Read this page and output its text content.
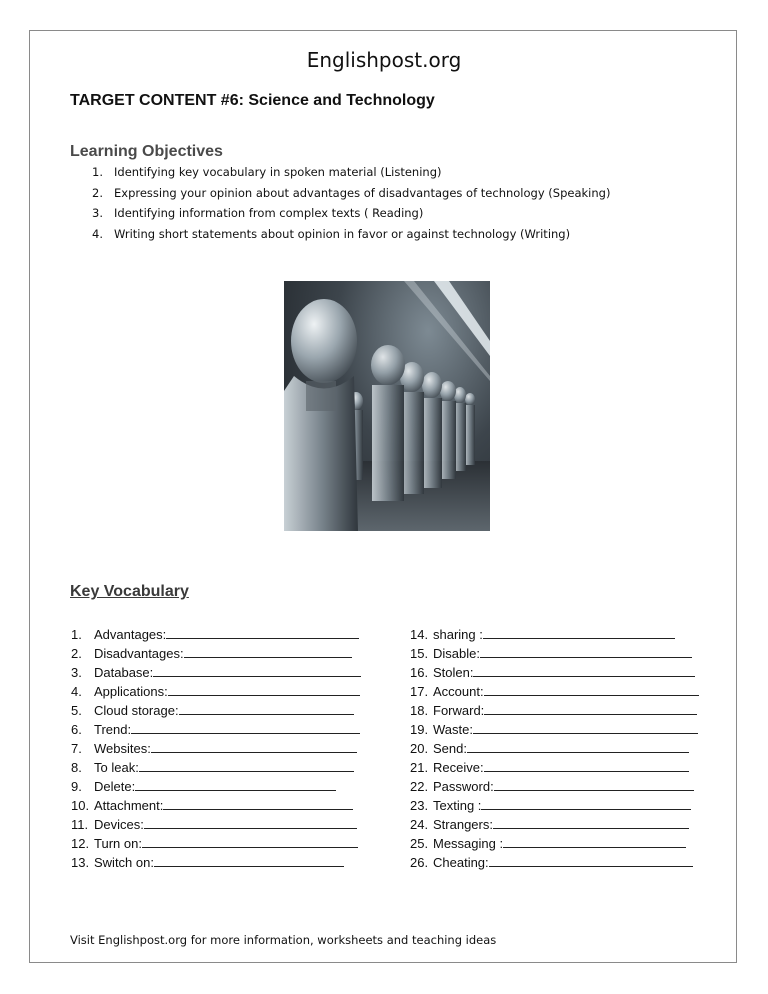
Englishpost.org
TARGET CONTENT #6: Science and Technology
Learning Objectives
1. Identifying key vocabulary in spoken material (Listening)
2. Expressing your opinion about advantages of disadvantages of technology (Speaking)
3. Identifying information from complex texts ( Reading)
4. Writing short statements about opinion in favor or against technology (Writing)
Key Vocabulary
1. Advantages:
2. Disadvantages:
3. Database:
4. Applications:
5. Cloud storage:
6. Trend:
7. Websites:
8. To leak:
9. Delete:
10. Attachment:
11. Devices:
12. Turn on:
13. Switch on:
14. sharing :
15. Disable:
16. Stolen:
17. Account:
18. Forward:
19. Waste:
20. Send:
21. Receive:
22. Password:
23. Texting :
24. Strangers:
25. Messaging :
26. Cheating:
Visit Englishpost.org for more information, worksheets and teaching ideas
